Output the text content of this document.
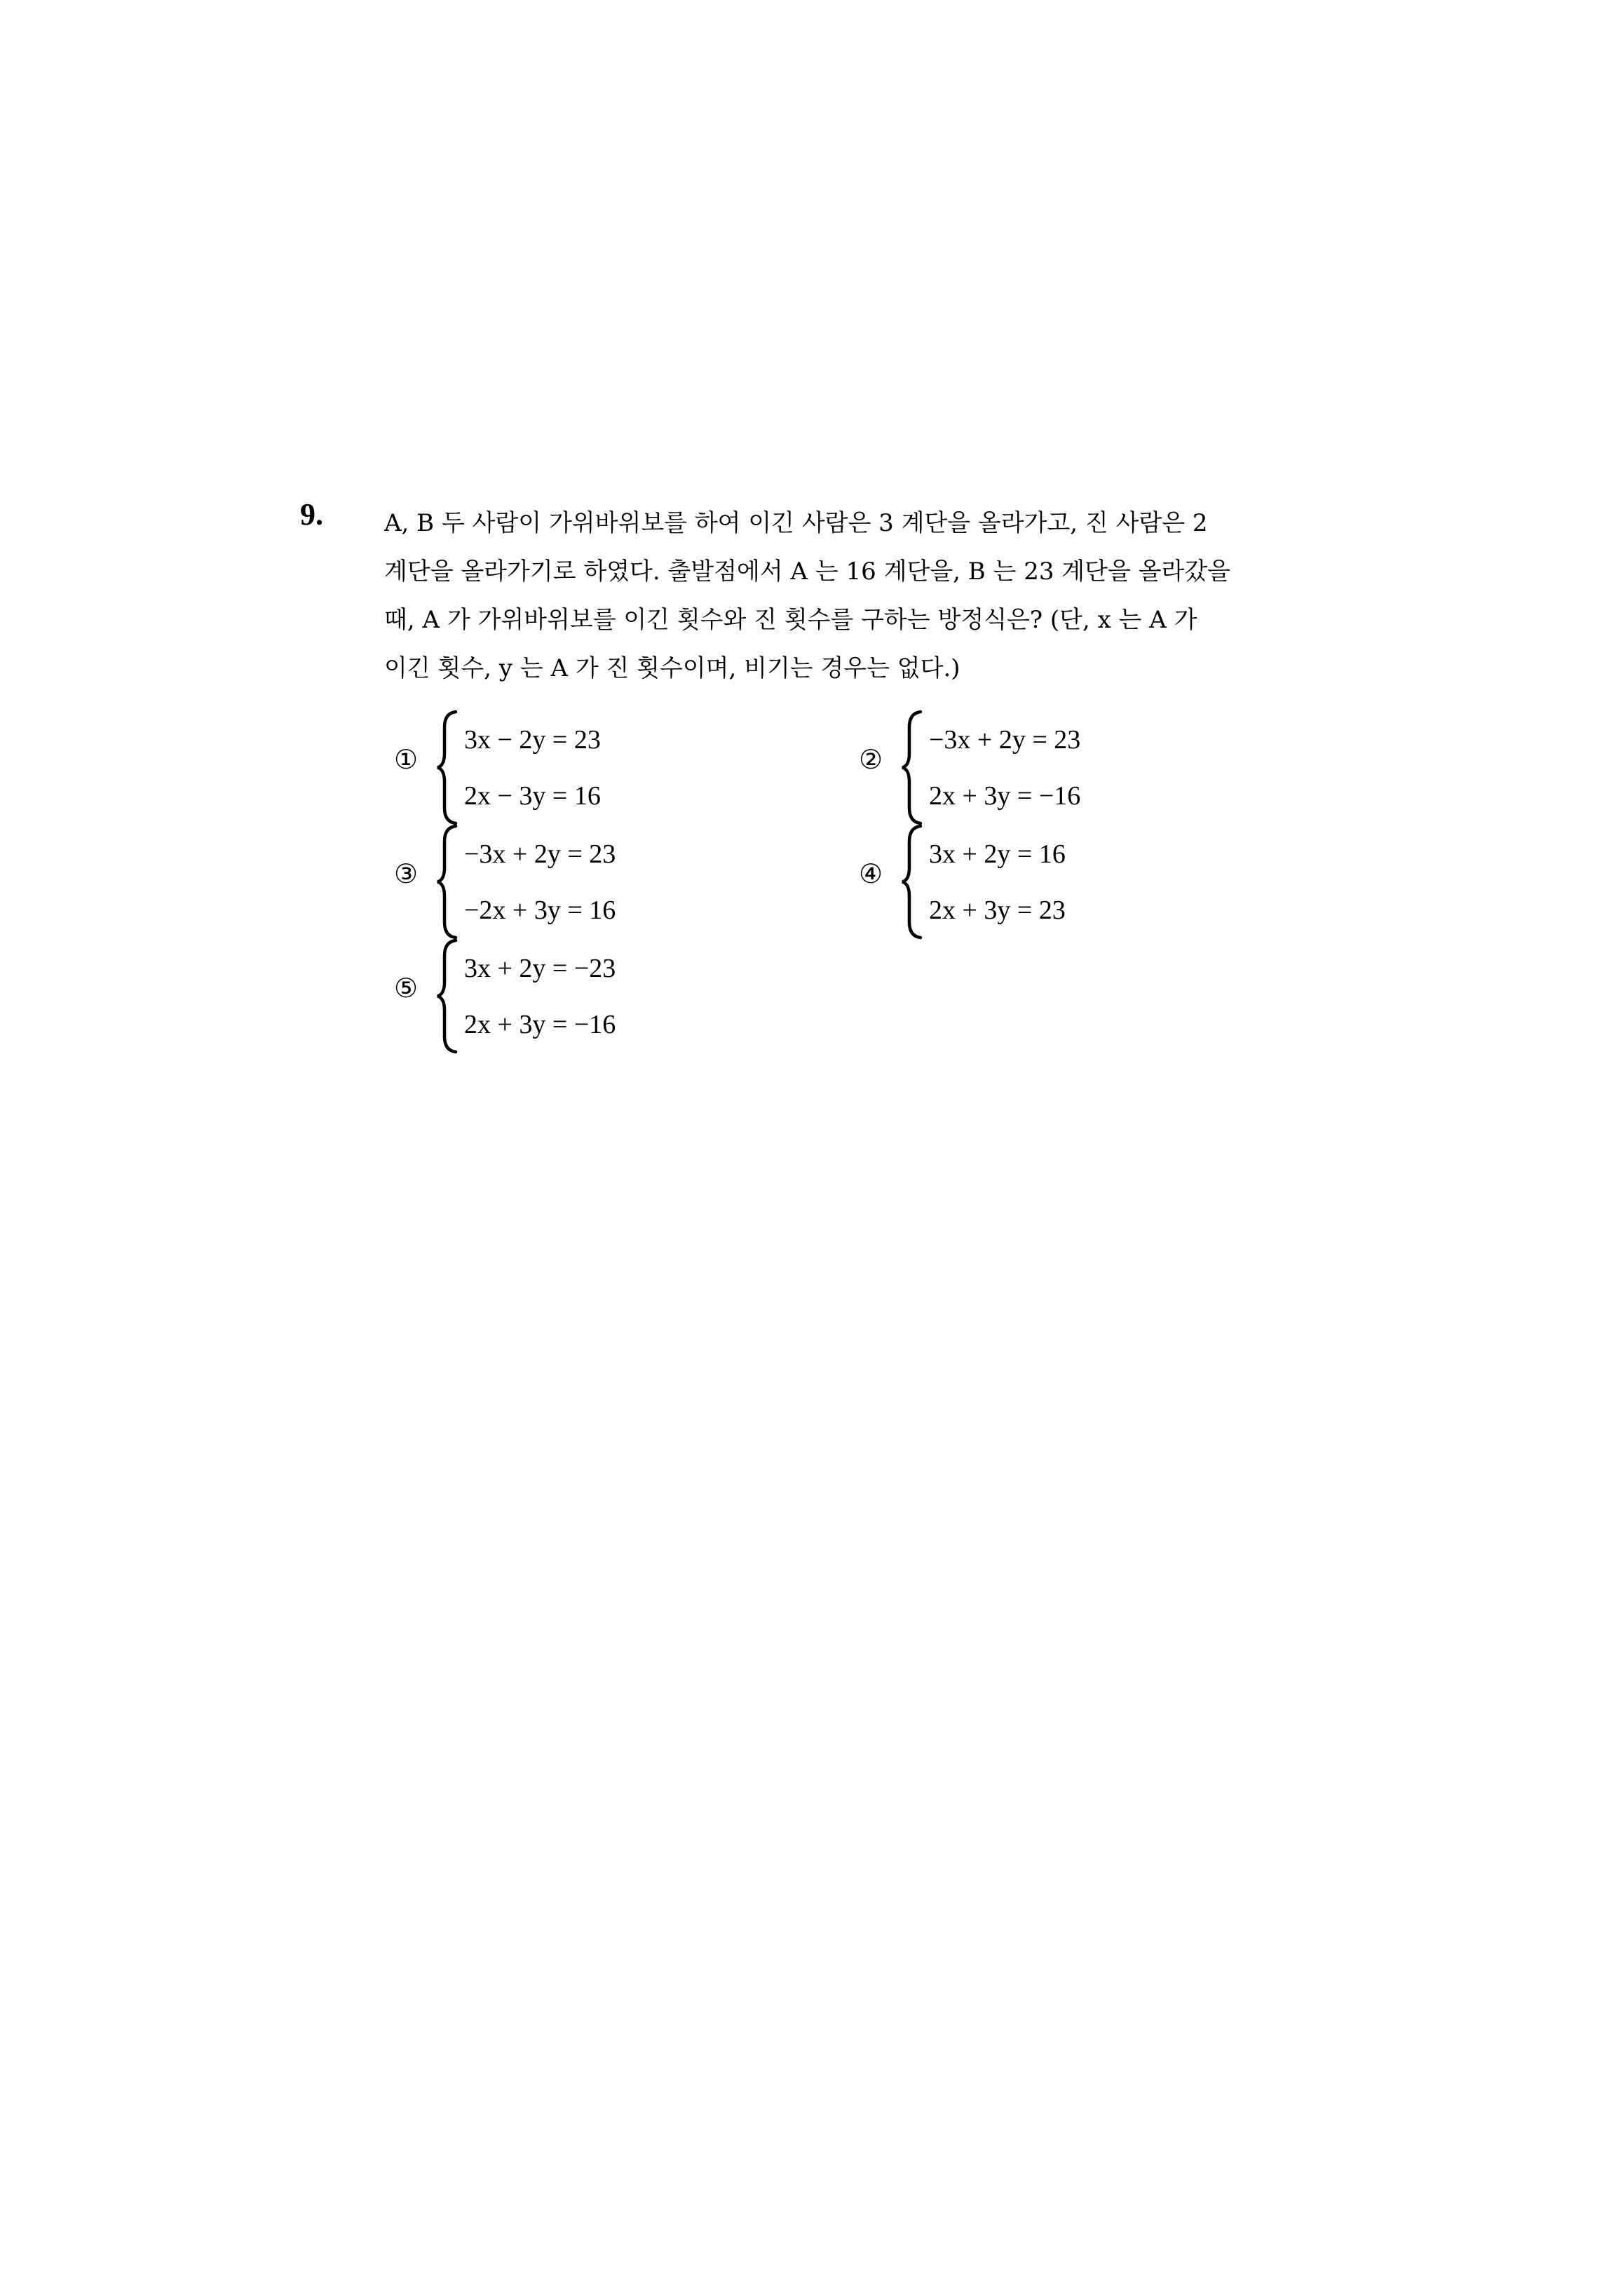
9.	A, B 두 사람이 가위바위보를 하여 이긴 사람은 3 계단을 올라가고, 진 사람은 2
계단을 올라가기로 하였다. 출발점에서 A 는 16 계단을, B 는 23 계단을 올라갔을
때, A 가 가위바위보를 이긴 횟수와 진 횟수를 구하는 방정식은? (단, x 는 A 가
이긴 횟수, y 는 A 가 진 횟수이며, 비기는 경우는 없다.)

①
3x − 2y = 23
2x − 3y = 16
②
−3x + 2y = 23
2x + 3y = −16
③
−3x + 2y = 23
−2x + 3y = 16
④
3x + 2y = 16
2x + 3y = 23
⑤
3x + 2y = −23
2x + 3y = −16
